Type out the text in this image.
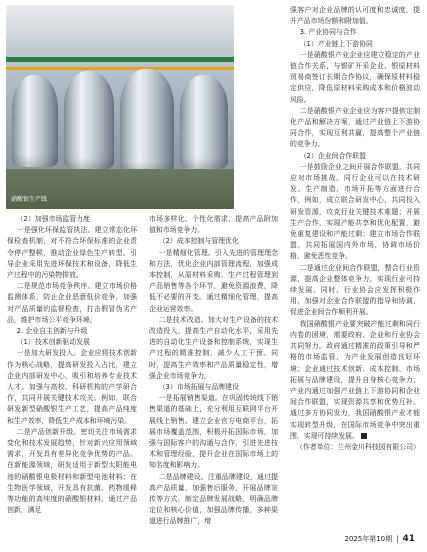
硝酸银生产线

（2）加强市场监管力度

一是强化环保监管执法。建立常态化环保检查机制，对不符合环保标准的企业责令停产整顿，推动企业绿色生产转型。引导企业采用先进环保技术和设备，降低生产过程中的污染物排放。

二是规范市场竞争秩序。建立市场价格监测体系，防止企业恶意低价竞争，加强对产品质量的监督检查，打击假冒伪劣产品，维护市场公平竞争环境。

2. 企业自主创新与升级

（1）技术创新驱动发展

一是加大研发投入。企业应将技术创新作为核心战略，提高研发投入占比，建立企业内部研发中心，吸引和培养专业技术人才。加强与高校、科研机构的产学研合作，共同开展关键技术攻关。例如，联合研发新型硝酸银生产工艺，提高产品纯度和生产效率，降低生产成本和环境污染。

二是产品创新升级。密切关注市场需求变化和技术发展趋势，针对新兴应用领域需求，开发具有差异化竞争优势的产品。在新能源领域，研发适用于新型太阳能电池的硝酸银电极材料和新型电池材料；在生物医学领域，开发具有抗菌、药物缓释等功能的高纯度的硝酸银材料，通过产品创新，满足

市场多样化、个性化需求，提高产品附加值和市场竞争力。

（2）成本控制与管理优化

一是精细化管理。引入先进的管理理念和方法，优化企业内部管理流程，加强成本控制，从原材料采购、生产过程管理到产品销售等各个环节，避免资源浪费，降低不必要的开支。通过精细化管理，提高企业运营效率。

二是技术改造。加大对生产设备的技术改造投入，提高生产自动化水平，采用先进的自动化生产设备和控制系统，实现生产过程的精准控制，减少人工干预。同时，提高生产效率和产品质量稳定性，增强企业市场竞争力。

（3）市场拓展与品牌建设

一是拓展销售渠道。在巩固传统线下销售渠道的基础上，充分利用互联网平台开展线上销售。建立企业官方电商平台，拓展市场覆盖范围，积极开拓国际市场，加强与国际客户的沟通与合作，引进先进技术和管理经验，提升企业在国际市场上的知名度和影响力。

二是品牌建设。注重品牌建设，通过提高产品质量，加强售后服务，开展品牌宣传等方式，制定品牌发展战略，明确品牌定位和核心价值，加强品牌传播，多种渠道进行品牌推广，增

强客户对企业品牌的认可度和忠诚度，提升产品市场份额和附加值。

3. 产业协同与合作

（1）产业链上下游协同

一是硝酸银产业企业应建立稳定的产业链合作关系，与银矿开采企业、银原材料贸易商签订长期合作协议，确保原材料稳定供应，降低原材料采购成本和价格波动风险。

二是硝酸银产业企业应为客户提供定制化产品和解决方案，通过产业链上下游协同合作，实现互利共赢，提高整个产业链的竞争力。

（2）企业间合作联盟

一是鼓励企业之间开展合作联盟，共同应对市场挑战。同行企业可以在技术研发、生产制造、市场开拓等方面进行合作，例如，成立联合研发中心，共同投入研发资源，攻克行业关键技术难题；开展生产合作，实现产能共享和优化配置，避免重复建设和产能过剩；建立市场合作联盟，共同拓展国内外市场，协调市场价格，避免恶性竞争。

二是通过企业间合作联盟，整合行业资源，提高企业整体竞争力，实现行业可持续发展。同时，行业协会应发挥积极作用，加强对企业合作联盟的指导和协调，促进企业间合作顺利开展。

我国硝酸银产业要突破产能过剩和同行内卷的困境，需要政府、企业和行业协会共同努力。政府通过精准的政策引导和严格的市场监管，为产业发展创造良好环境；企业通过技术创新、成本控制、市场拓展与品牌建设，提升自身核心竞争力；产业内通过加强产业链上下游协同和企业间合作联盟，实现资源共享和优势互补。通过多方协同发力，我国硝酸银产业才能实现转型升级，在国际市场竞争中突出重围，实现可持续发展。 B

（作者单位：兰州金川科技园有限公司）

2025年第10期 | 41
